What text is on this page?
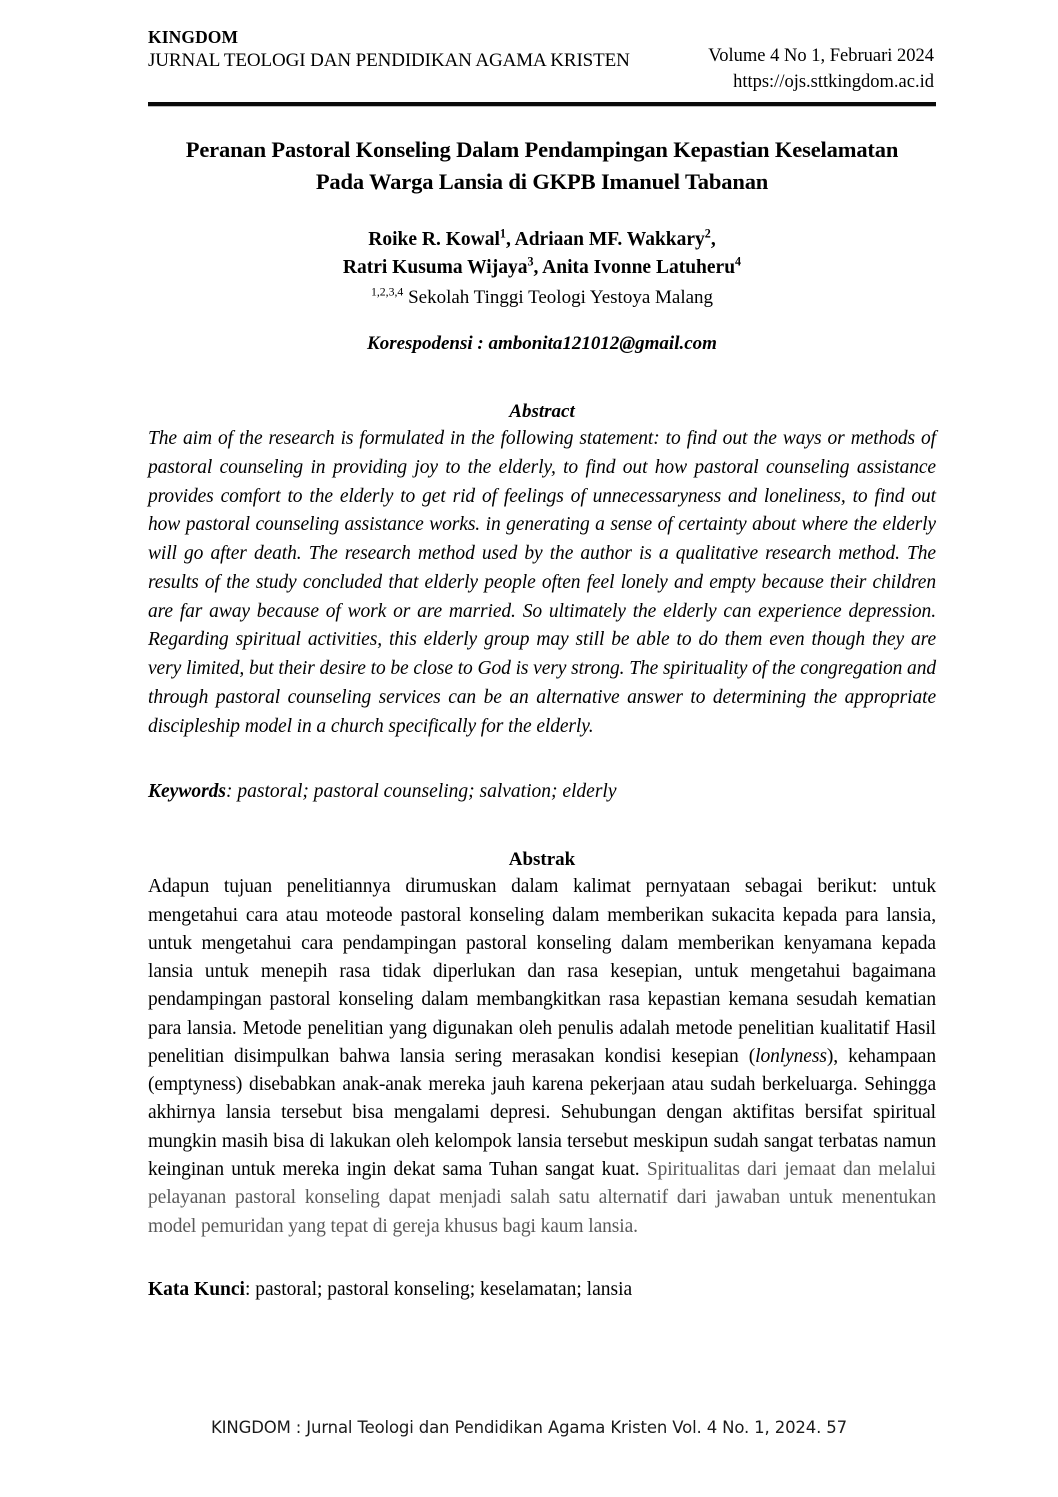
KINGDOM
JURNAL TEOLOGI DAN PENDIDIKAN AGAMA KRISTEN	Volume 4 No 1, Februari 2024
https://ojs.sttkingdom.ac.id
Peranan Pastoral Konseling Dalam Pendampingan Kepastian Keselamatan
Pada Warga Lansia di GKPB Imanuel Tabanan
Roike R. Kowal$^1$, Adriaan MF. Wakkary$^2$,
Ratri Kusuma Wijaya$^3$, Anita Ivonne Latuheru$^4$
$^{1,2,3,4}$ Sekolah Tinggi Teologi Yestoya Malang
Korespodensi : ambonita121012@gmail.com
Abstract
The aim of the research is formulated in the following statement: to find out the ways or methods of pastoral counseling in providing joy to the elderly, to find out how pastoral counseling assistance provides comfort to the elderly to get rid of feelings of unnecessaryness and loneliness, to find out how pastoral counseling assistance works. in generating a sense of certainty about where the elderly will go after death. The research method used by the author is a qualitative research method. The results of the study concluded that elderly people often feel lonely and empty because their children are far away because of work or are married. So ultimately the elderly can experience depression. Regarding spiritual activities, this elderly group may still be able to do them even though they are very limited, but their desire to be close to God is very strong. The spirituality of the congregation and through pastoral counseling services can be an alternative answer to determining the appropriate discipleship model in a church specifically for the elderly.
Keywords: pastoral; pastoral counseling; salvation; elderly
Abstrak
Adapun tujuan penelitiannya dirumuskan dalam kalimat pernyataan sebagai berikut: untuk mengetahui cara atau moteode pastoral konseling dalam memberikan sukacita kepada para lansia, untuk mengetahui cara pendampingan pastoral konseling dalam memberikan kenyamana kepada lansia untuk menepih rasa tidak diperlukan dan rasa kesepian, untuk mengetahui bagaimana pendampingan pastoral konseling dalam membangkitkan rasa kepastian kemana sesudah kematian para lansia. Metode penelitian yang digunakan oleh penulis adalah metode penelitian kualitatif Hasil penelitian disimpulkan bahwa lansia sering merasakan kondisi kesepian (lonlyness), kehampaan (emptyness) disebabkan anak-anak mereka jauh karena pekerjaan atau sudah berkeluarga. Sehingga akhirnya lansia tersebut bisa mengalami depresi. Sehubungan dengan aktifitas bersifat spiritual mungkin masih bisa di lakukan oleh kelompok lansia tersebut meskipun sudah sangat terbatas namun keinginan untuk mereka ingin dekat sama Tuhan sangat kuat. Spiritualitas dari jemaat dan melalui pelayanan pastoral konseling dapat menjadi salah satu alternatif dari jawaban untuk menentukan model pemuridan yang tepat di gereja khusus bagi kaum lansia.
Kata Kunci: pastoral; pastoral konseling; keselamatan; lansia
KINGDOM : Jurnal Teologi dan Pendidikan Agama Kristen Vol. 4 No. 1, 2024. 57
